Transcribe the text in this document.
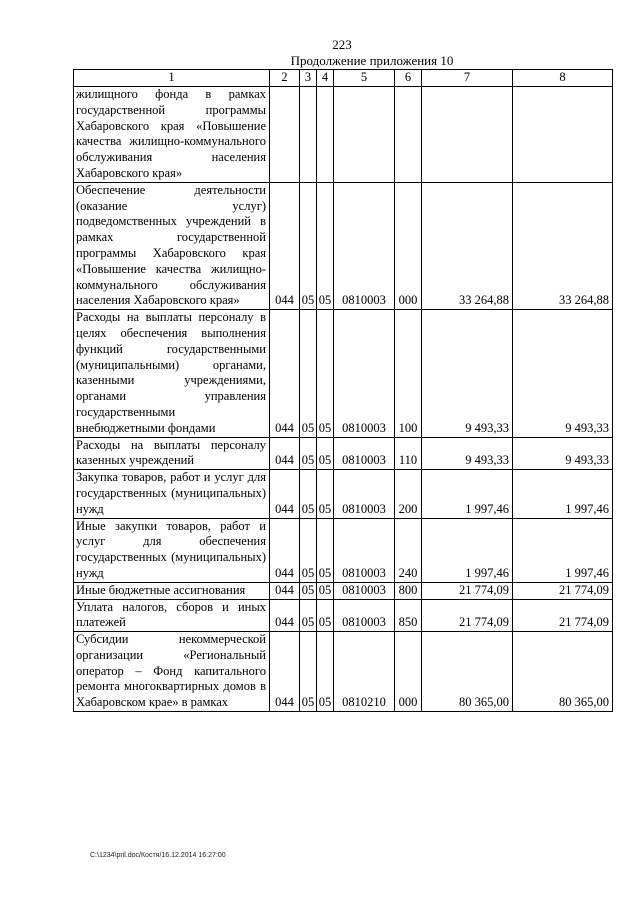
223
Продолжение приложения 10
1	2	3	4	5	6	7	8
жилищного фонда в рамках государственной программы Хабаровского края «Повышение качества жилищно-коммунального обслуживания населения Хабаровского края»							
Обеспечение деятельности (оказание услуг) подведомственных учреждений в рамках государственной программы Хабаровского края «Повышение качества жилищно-коммунального обслуживания населения Хабаровского края»	044	05	05	0810003	000	33 264,88	33 264,88
Расходы на выплаты персоналу в целях обеспечения выполнения функций государственными (муниципальными) органами, казенными учреждениями, органами управления государственными внебюджетными фондами	044	05	05	0810003	100	9 493,33	9 493,33
Расходы на выплаты персоналу казенных учреждений	044	05	05	0810003	110	9 493,33	9 493,33
Закупка товаров, работ и услуг для государственных (муниципальных) нужд	044	05	05	0810003	200	1 997,46	1 997,46
Иные закупки товаров, работ и услуг для обеспечения государственных (муниципальных) нужд	044	05	05	0810003	240	1 997,46	1 997,46
Иные бюджетные ассигнования	044	05	05	0810003	800	21 774,09	21 774,09
Уплата налогов, сборов и иных платежей	044	05	05	0810003	850	21 774,09	21 774,09
Субсидии некоммерческой организации «Региональный оператор – Фонд капитального ремонта многоквартирных домов в Хабаровском крае» в рамках	044	05	05	0810210	000	80 365,00	80 365,00
C:\1234\pril.doc/Костя/16.12.2014 16:27:00
